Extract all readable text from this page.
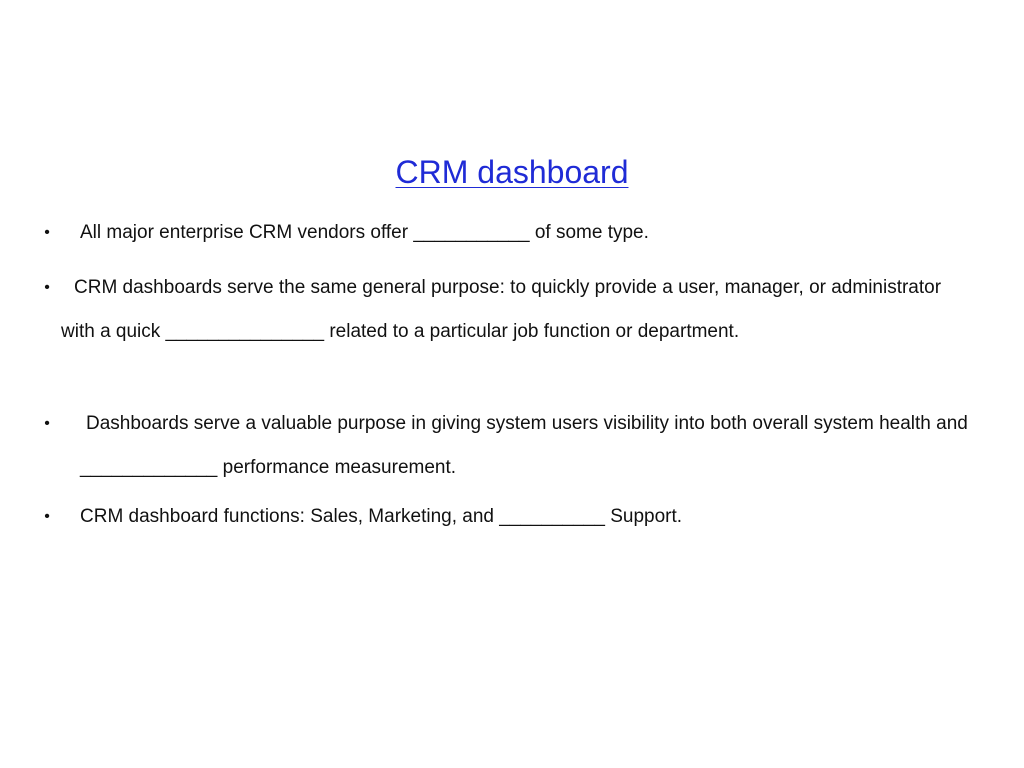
CRM dashboard
•	All major enterprise CRM vendors offer ___________ of some type.
•	CRM dashboards serve the same general purpose: to quickly provide a user, manager, or administrator with a quick _______________ related to a particular job function or department.
•	Dashboards serve a valuable purpose in giving system users visibility into both overall system health and _____________ performance measurement.
•	CRM dashboard functions: Sales, Marketing, and __________ Support.
